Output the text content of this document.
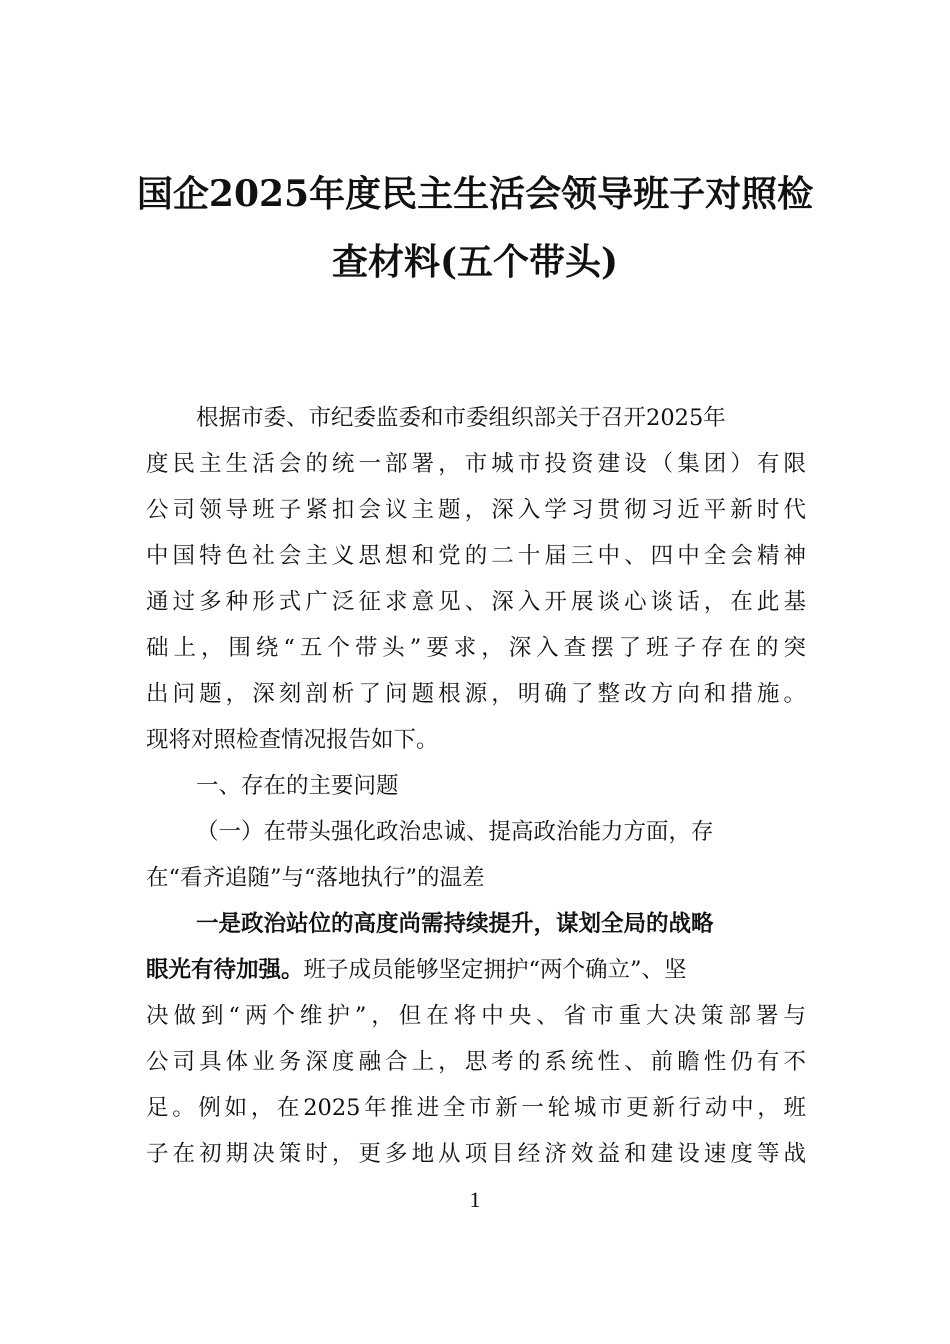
国企2025年度民主生活会领导班子对照检
查材料(五个带头)

根据市委、市纪委监委和市委组织部关于召开2025年

度民主生活会的统一部署，市城市投资建设（集团）有限

公司领导班子紧扣会议主题，深入学习贯彻习近平新时代

中国特色社会主义思想和党的二十届三中、四中全会精神

通过多种形式广泛征求意见、深入开展谈心谈话，在此基

础上，围绕“五个带头”要求，深入查摆了班子存在的突

出问题，深刻剖析了问题根源，明确了整改方向和措施。

现将对照检查情况报告如下。

一、存在的主要问题

（一）在带头强化政治忠诚、提高政治能力方面，存

在“看齐追随”与“落地执行”的温差

一是政治站位的高度尚需持续提升，谋划全局的战略

眼光有待加强。班子成员能够坚定拥护“两个确立”、坚

决做到“两个维护”，但在将中央、省市重大决策部署与

公司具体业务深度融合上，思考的系统性、前瞻性仍有不

足。例如，在2025年推进全市新一轮城市更新行动中，班

子在初期决策时，更多地从项目经济效益和建设速度等战

1
